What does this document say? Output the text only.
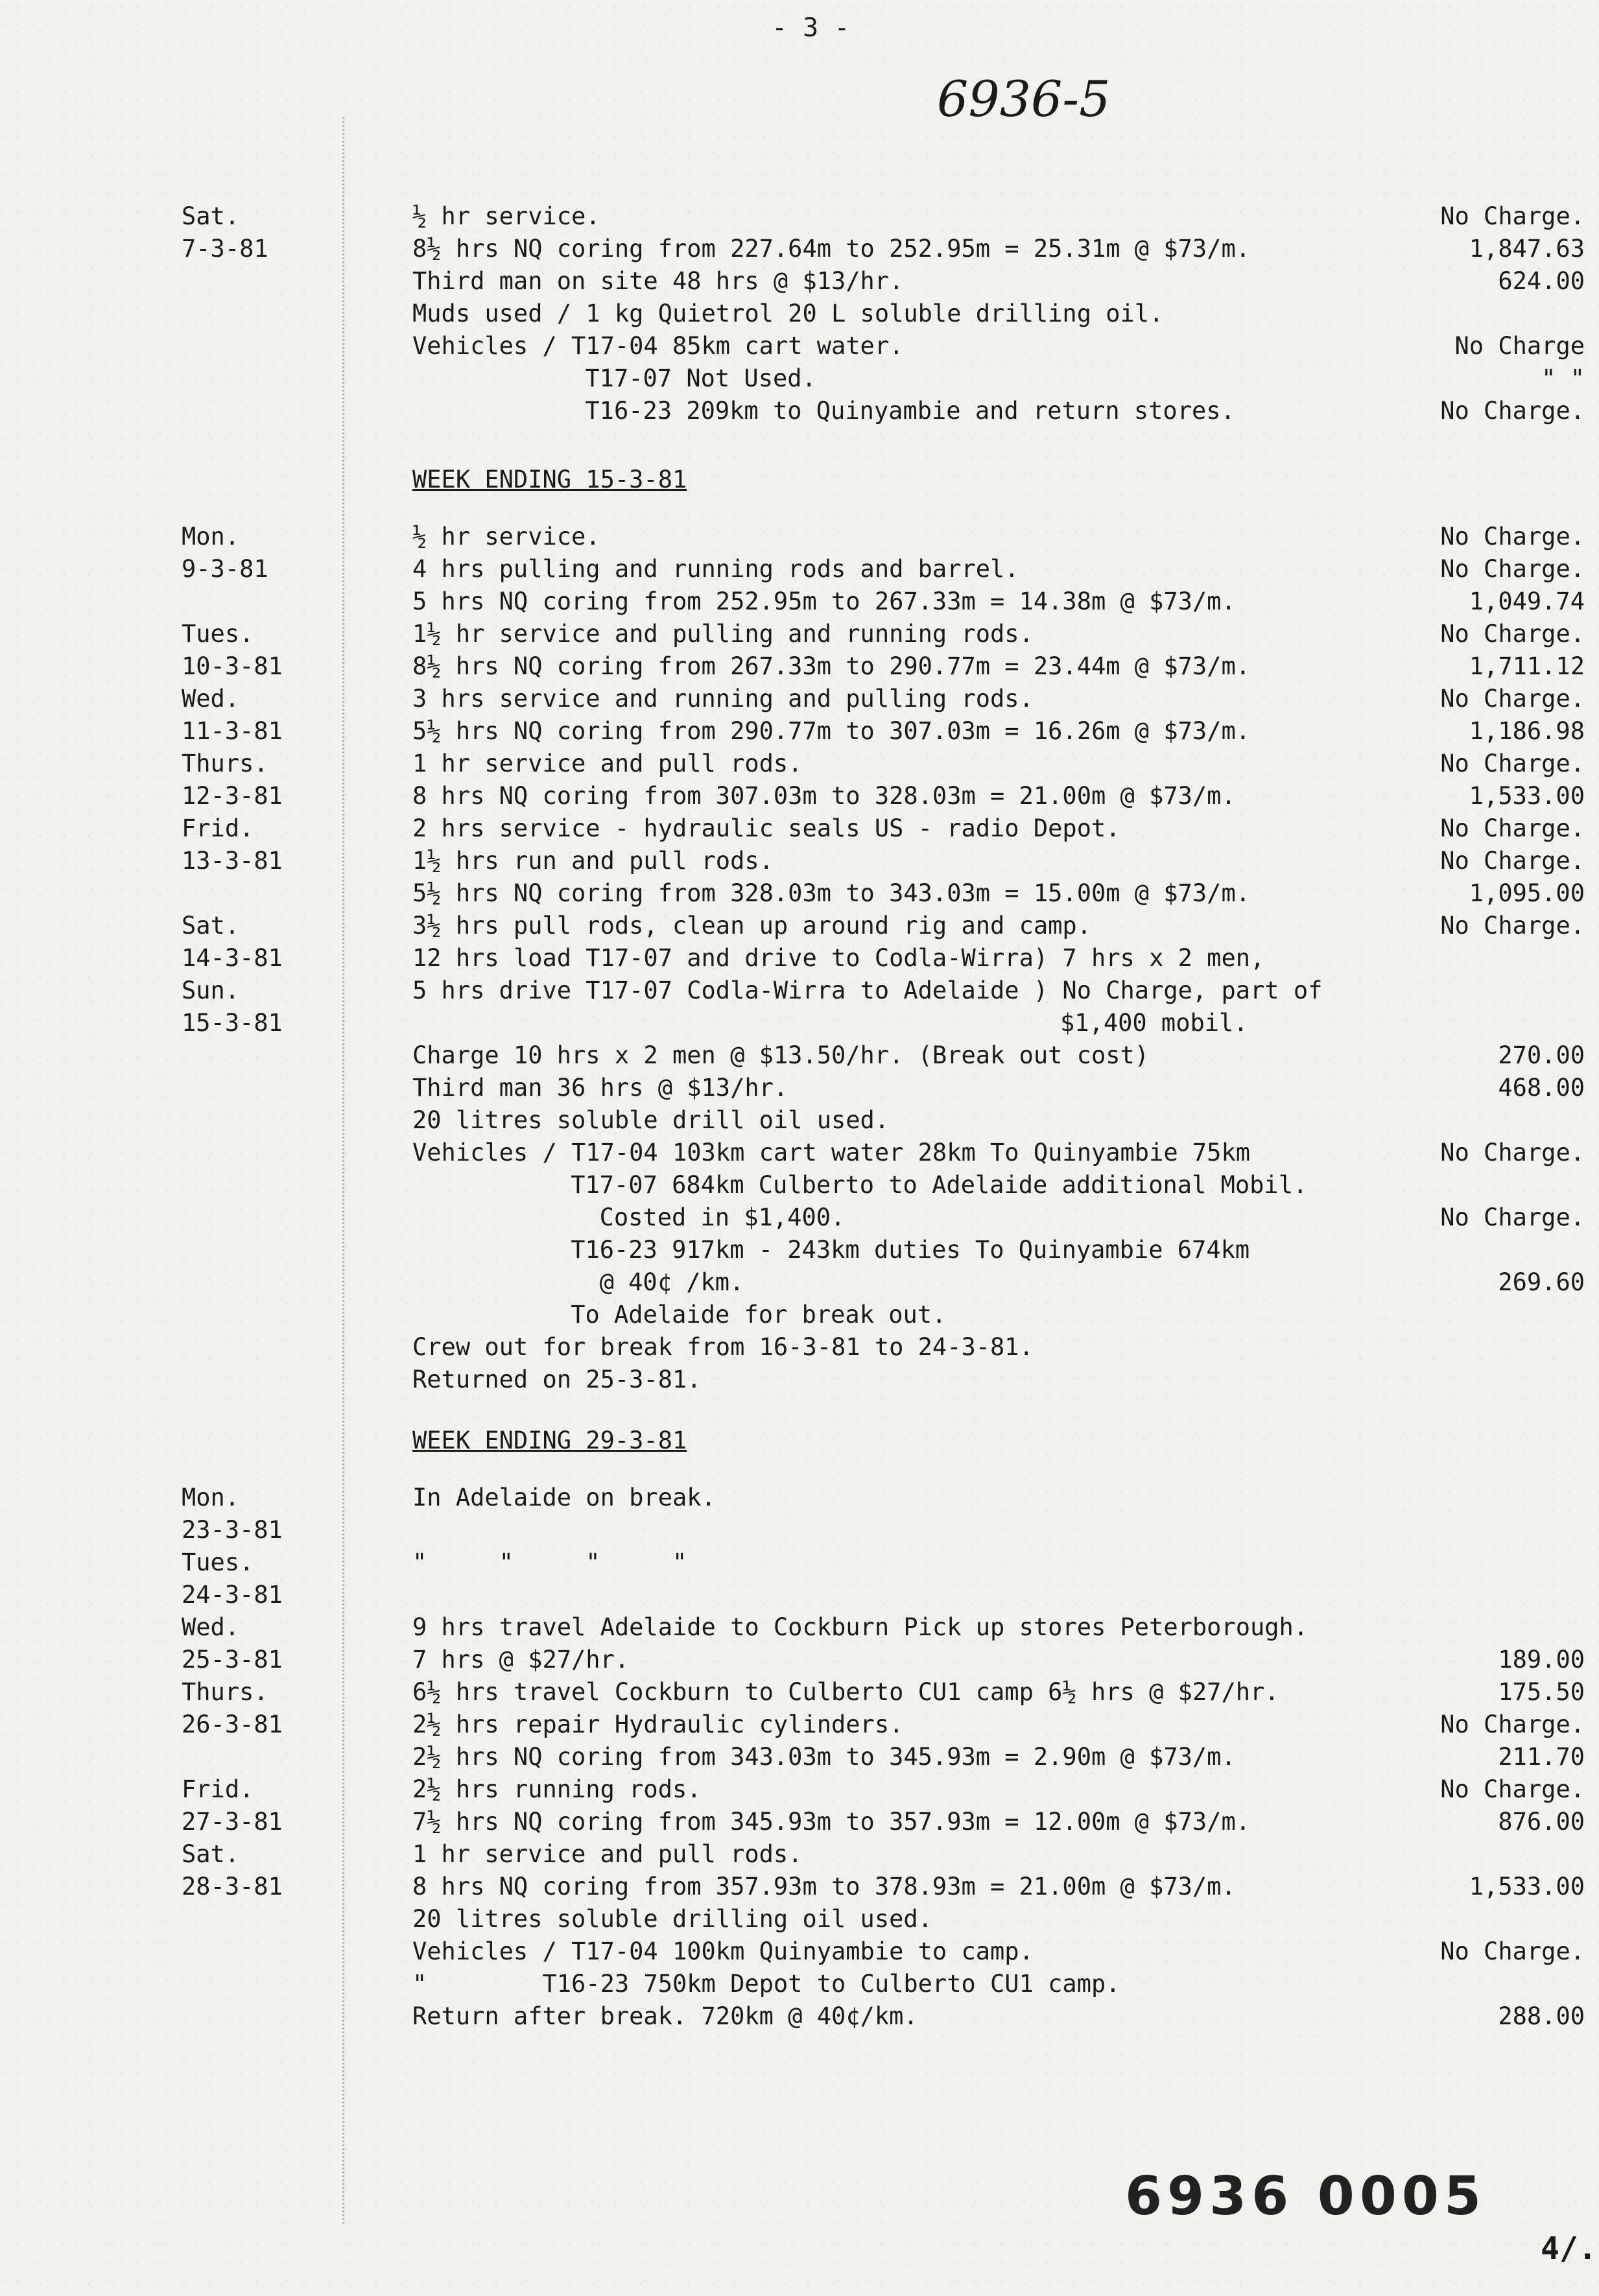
- 3 -
6936-5
Sat.	½ hr service.	No Charge.
7-3-81	8½ hrs NQ coring from 227.64m to 252.95m = 25.31m @ $73/m.	1,847.63
Third man on site 48 hrs @ $13/hr.	624.00
Muds used / 1 kg Quietrol 20 L soluble drilling oil.
Vehicles / T17-04 85km cart water.	No Charge
T17-07 Not Used.	" "
T16-23 209km to Quinyambie and return stores.	No Charge.
WEEK ENDING 15-3-81
Mon.	½ hr service.	No Charge.
9-3-81	4 hrs pulling and running rods and barrel.	No Charge.
5 hrs NQ coring from 252.95m to 267.33m = 14.38m @ $73/m.	1,049.74
Tues.	1½ hr service and pulling and running rods.	No Charge.
10-3-81	8½ hrs NQ coring from 267.33m to 290.77m = 23.44m @ $73/m.	1,711.12
Wed.	3 hrs service and running and pulling rods.	No Charge.
11-3-81	5½ hrs NQ coring from 290.77m to 307.03m = 16.26m @ $73/m.	1,186.98
Thurs.	1 hr service and pull rods.	No Charge.
12-3-81	8 hrs NQ coring from 307.03m to 328.03m = 21.00m @ $73/m.	1,533.00
Frid.	2 hrs service - hydraulic seals US - radio Depot.	No Charge.
13-3-81	1½ hrs run and pull rods.	No Charge.
5½ hrs NQ coring from 328.03m to 343.03m = 15.00m @ $73/m.	1,095.00
Sat.	3½ hrs pull rods, clean up around rig and camp.	No Charge.
14-3-81	12 hrs load T17-07 and drive to Codla-Wirra) 7 hrs x 2 men,
Sun.	5 hrs drive T17-07 Codla-Wirra to Adelaide ) No Charge, part of
15-3-81	$1,400 mobil.
Charge 10 hrs x 2 men @ $13.50/hr. (Break out cost)	270.00
Third man 36 hrs @ $13/hr.	468.00
20 litres soluble drill oil used.
Vehicles / T17-04 103km cart water 28km To Quinyambie 75km	No Charge.
T17-07 684km Culberto to Adelaide additional Mobil.
Costed in $1,400.	No Charge.
T16-23 917km - 243km duties To Quinyambie 674km
@ 40¢ /km.	269.60
To Adelaide for break out.
Crew out for break from 16-3-81 to 24-3-81.
Returned on 25-3-81.
WEEK ENDING 29-3-81
Mon.	In Adelaide on break.
23-3-81
Tues.	"     "     "     "
24-3-81
Wed.	9 hrs travel Adelaide to Cockburn Pick up stores Peterborough.
25-3-81	7 hrs @ $27/hr.	189.00
Thurs.	6½ hrs travel Cockburn to Culberto CU1 camp 6½ hrs @ $27/hr.	175.50
26-3-81	2½ hrs repair Hydraulic cylinders.	No Charge.
2½ hrs NQ coring from 343.03m to 345.93m = 2.90m @ $73/m.	211.70
Frid.	2½ hrs running rods.	No Charge.
27-3-81	7½ hrs NQ coring from 345.93m to 357.93m = 12.00m @ $73/m.	876.00
Sat.	1 hr service and pull rods.
28-3-81	8 hrs NQ coring from 357.93m to 378.93m = 21.00m @ $73/m.	1,533.00
20 litres soluble drilling oil used.
Vehicles / T17-04 100km Quinyambie to camp.	No Charge.
"        T16-23 750km Depot to Culberto CU1 camp.
Return after break. 720km @ 40¢/km.	288.00
6936 0005
4/.
